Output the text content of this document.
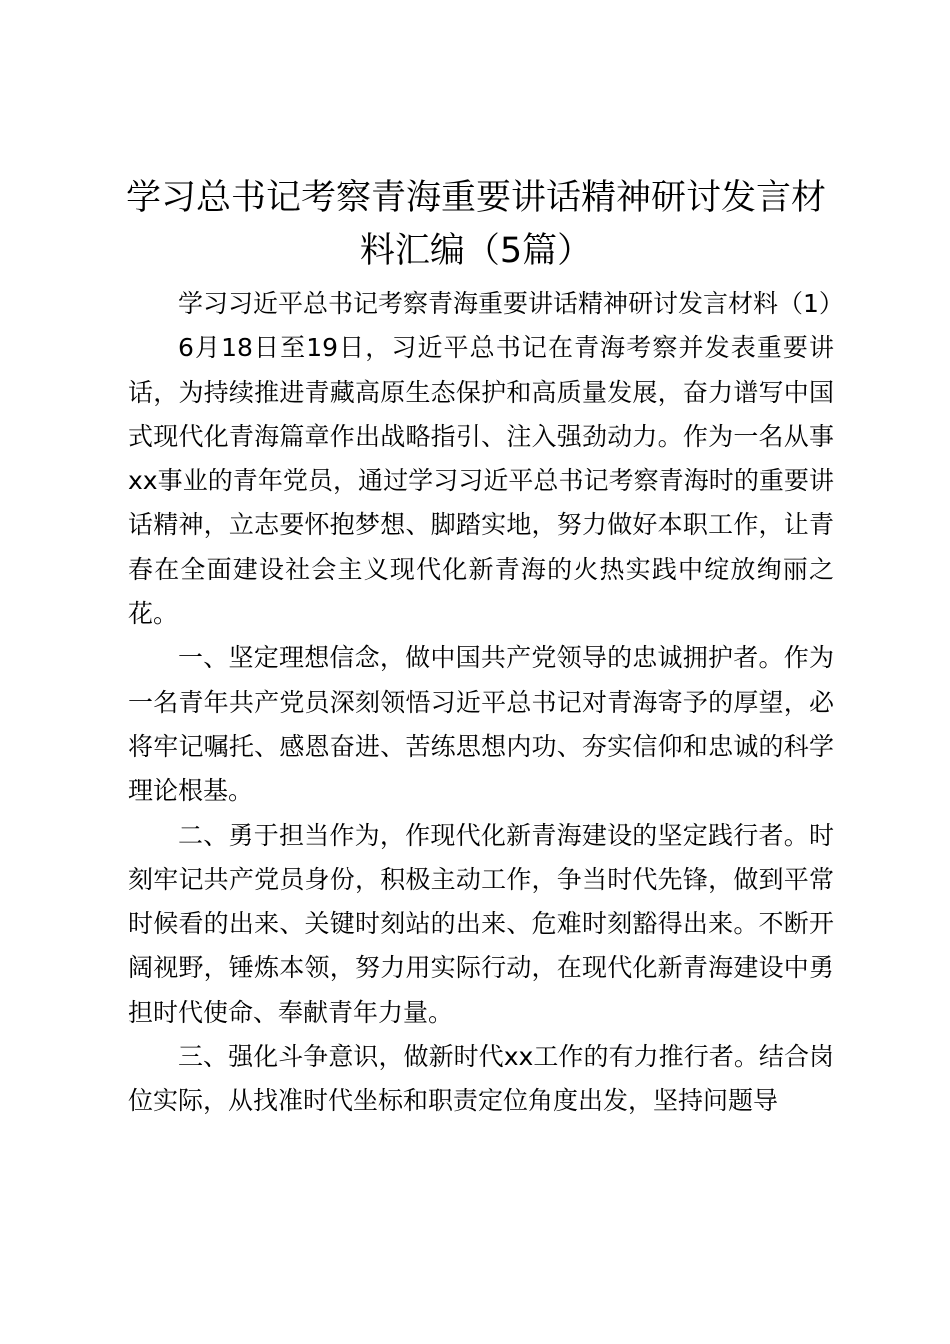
学习总书记考察青海重要讲话精神研讨发言材料汇编（5篇）

学习习近平总书记考察青海重要讲话精神研讨发言材料（1）

6月18日至19日，习近平总书记在青海考察并发表重要讲话，为持续推进青藏高原生态保护和高质量发展，奋力谱写中国式现代化青海篇章作出战略指引、注入强劲动力。作为一名从事xx事业的青年党员，通过学习习近平总书记考察青海时的重要讲话精神，立志要怀抱梦想、脚踏实地，努力做好本职工作，让青春在全面建设社会主义现代化新青海的火热实践中绽放绚丽之花。

一、坚定理想信念，做中国共产党领导的忠诚拥护者。作为一名青年共产党员深刻领悟习近平总书记对青海寄予的厚望，必将牢记嘱托、感恩奋进、苦练思想内功、夯实信仰和忠诚的科学理论根基。

二、勇于担当作为，作现代化新青海建设的坚定践行者。时刻牢记共产党员身份，积极主动工作，争当时代先锋，做到平常时候看的出来、关键时刻站的出来、危难时刻豁得出来。不断开阔视野，锤炼本领，努力用实际行动，在现代化新青海建设中勇担时代使命、奉献青年力量。

三、强化斗争意识，做新时代xx工作的有力推行者。结合岗位实际，从找准时代坐标和职责定位角度出发，坚持问题导
